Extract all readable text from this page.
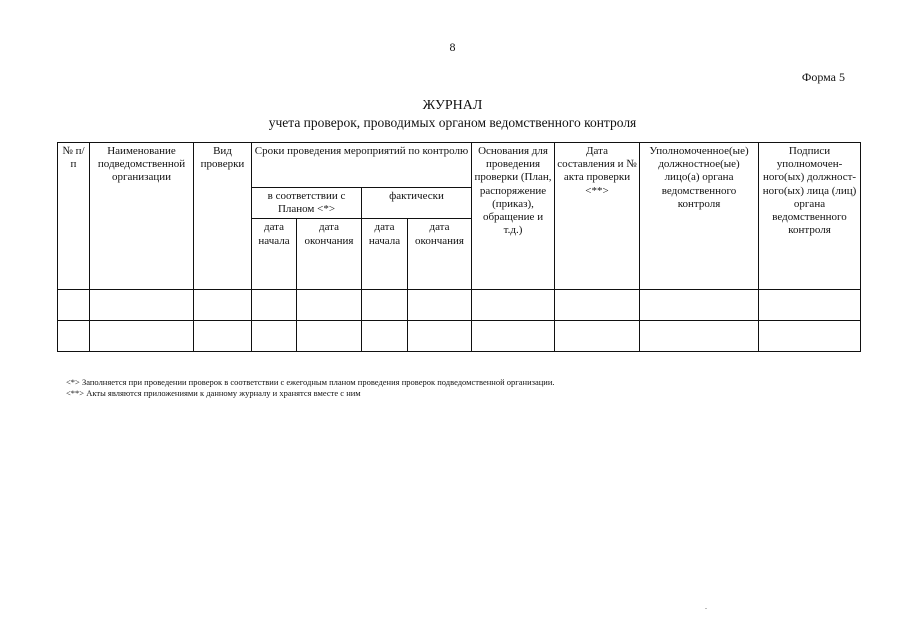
8
Форма 5
ЖУРНАЛ
учета проверок, проводимых органом ведомственного контроля
№ п/п	Наименование подведомственной организации	Вид проверки	Сроки проведения мероприятий по контролю				Основания для проведения проверки (План, распоряжение (приказ), обращение и т.д.)	Дата составления и № акта проверки <**>	Уполномоченное(ые) должностное(ые) лицо(а) органа ведомственного контроля	Подписи уполномочен-ного(ых) должност-ного(ых) лица (лиц) органа ведомственного контроля
			в соответствии с Планом <*>		фактически					
			дата начала	дата окончания	дата начала	дата окончания				

<*> Заполняется при проведении проверок в соответствии с ежегодным планом проведения проверок подведомственной организации.
<**> Акты являются приложениями к данному журналу и хранятся вместе с ним
